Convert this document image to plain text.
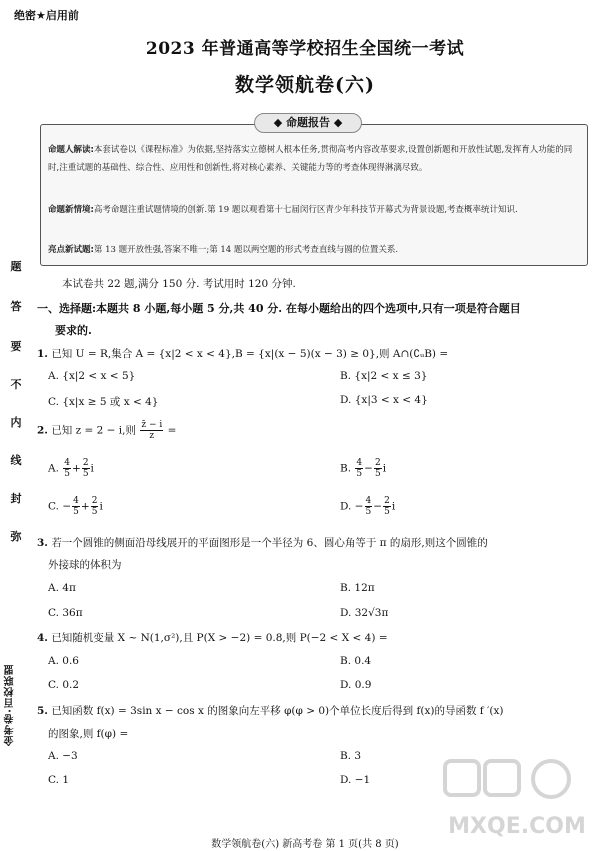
绝密★启用前
2023 年普通高等学校招生全国统一考试
数学领航卷(六)
◆ 命题报告 ◆
命题人解读:本套试卷以《课程标准》为依据,坚持落实立德树人根本任务,贯彻高考内容改革要求,设置创新题和开放性试题,发挥育人功能的同时,注重试题的基础性、综合性、应用性和创新性,将对核心素养、关键能力等的考查体现得淋漓尽致。
命题新情境:高考命题注重试题情境的创新.第 19 题以观看第十七届闵行区青少年科技节开幕式为背景设题,考查概率统计知识.
亮点新试题:第 13 题开放性强,答案不唯一;第 14 题以两空题的形式考查直线与圆的位置关系.
本试卷共 22 题,满分 150 分. 考试用时 120 分钟.
一、选择题:本题共 8 小题,每小题 5 分,共 40 分. 在每小题给出的四个选项中,只有一项是符合题目
要求的.
1. 已知 U = R,集合 A = {x|2 < x < 4},B = {x|(x − 5)(x − 3) ≥ 0},则 A∩(∁ᵤB) =
A. {x|2 < x < 5}	B. {x|2 < x ≤ 3}
C. {x|x ≥ 5 或 x < 4}	D. {x|3 < x < 4}
2. 已知 z = 2 − i,则 $\frac{z̄ - i}{z}$ =
A. $\frac{4}{5} + \frac{2}{5}$ i	B. $\frac{4}{5} - \frac{2}{5}$ i
C. − $\frac{4}{5} + \frac{2}{5}$ i	D. − $\frac{4}{5} - \frac{2}{5}$ i
3. 若一个圆锥的侧面沿母线展开的平面图形是一个半径为 6、圆心角等于 π 的扇形,则这个圆锥的
外接球的体积为
A. 4π	B. 12π
C. 36π	D. 32√3π
4. 已知随机变量 X ~ N(1,σ²),且 P(X > −2) = 0.8,则 P(−2 < X < 4) =
A. 0.6	B. 0.4
C. 0.2	D. 0.9
5. 已知函数 f(x) = 3sin x − cos x 的图象向左平移 φ(φ > 0)个单位长度后得到 f(x)的导函数 f ′(x)
的图象,则 f(φ) =
A. −3	B. 3
C. 1	D. −1
题
答
要
不
内
线
封
弥
金考卷·百校联盟
数学领航卷(六) 新高考卷 第 1 页(共 8 页)
MXQE.COM
